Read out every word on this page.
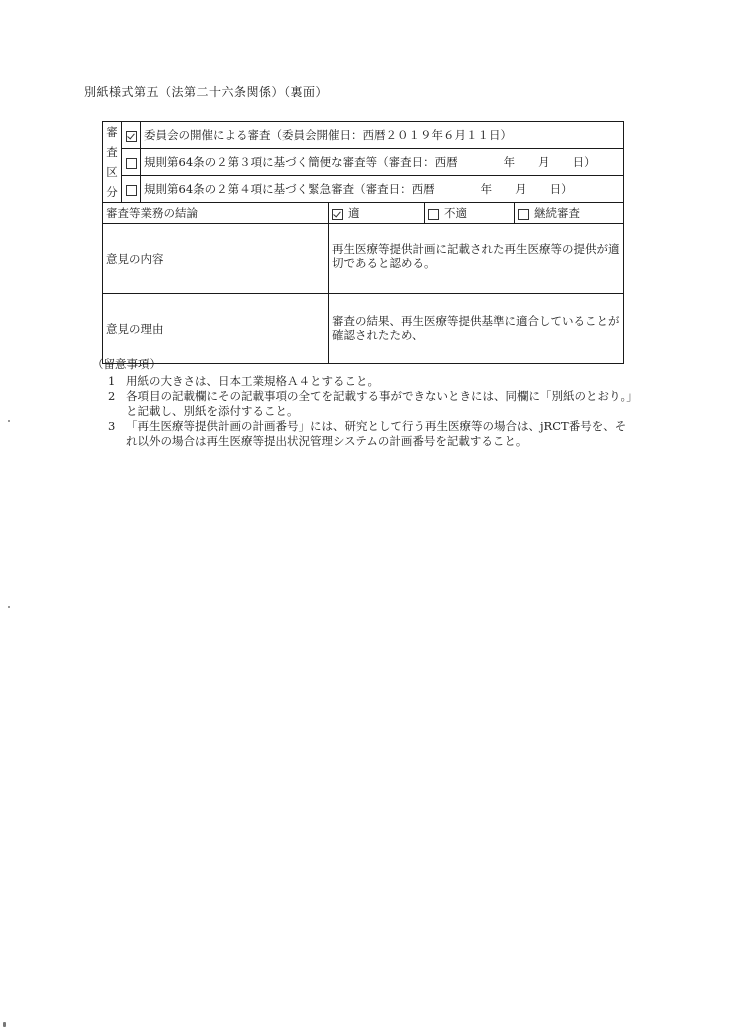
別紙様式第五（法第二十六条関係）（裏面）
審
査
区
分		委員会の開催による審査（委員会開催日：西暦２０１９年６月１１日）			
		規則第64条の２第３項に基づく簡便な審査等（審査日：西暦　　　　年　　月　　日）			
		規則第64条の２第４項に基づく緊急審査（審査日：西暦　　　　年　　月　　日）			
審査等業務の結論			適	不適	継続審査
意見の内容			再生医療等提供計画に記載された再生医療等の提供が適切であると認める。		
意見の理由			審査の結果、再生医療等提供基準に適合していることが確認されたため、		
（留意事項）
1 用紙の大きさは、日本工業規格Ａ４とすること。
2 各項目の記載欄にその記載事項の全てを記載する事ができないときには、同欄に「別紙のとおり。」と記載し、別紙を添付すること。
3 「再生医療等提供計画の計画番号」には、研究として行う再生医療等の場合は、jRCT番号を、それ以外の場合は再生医療等提出状況管理システムの計画番号を記載すること。
